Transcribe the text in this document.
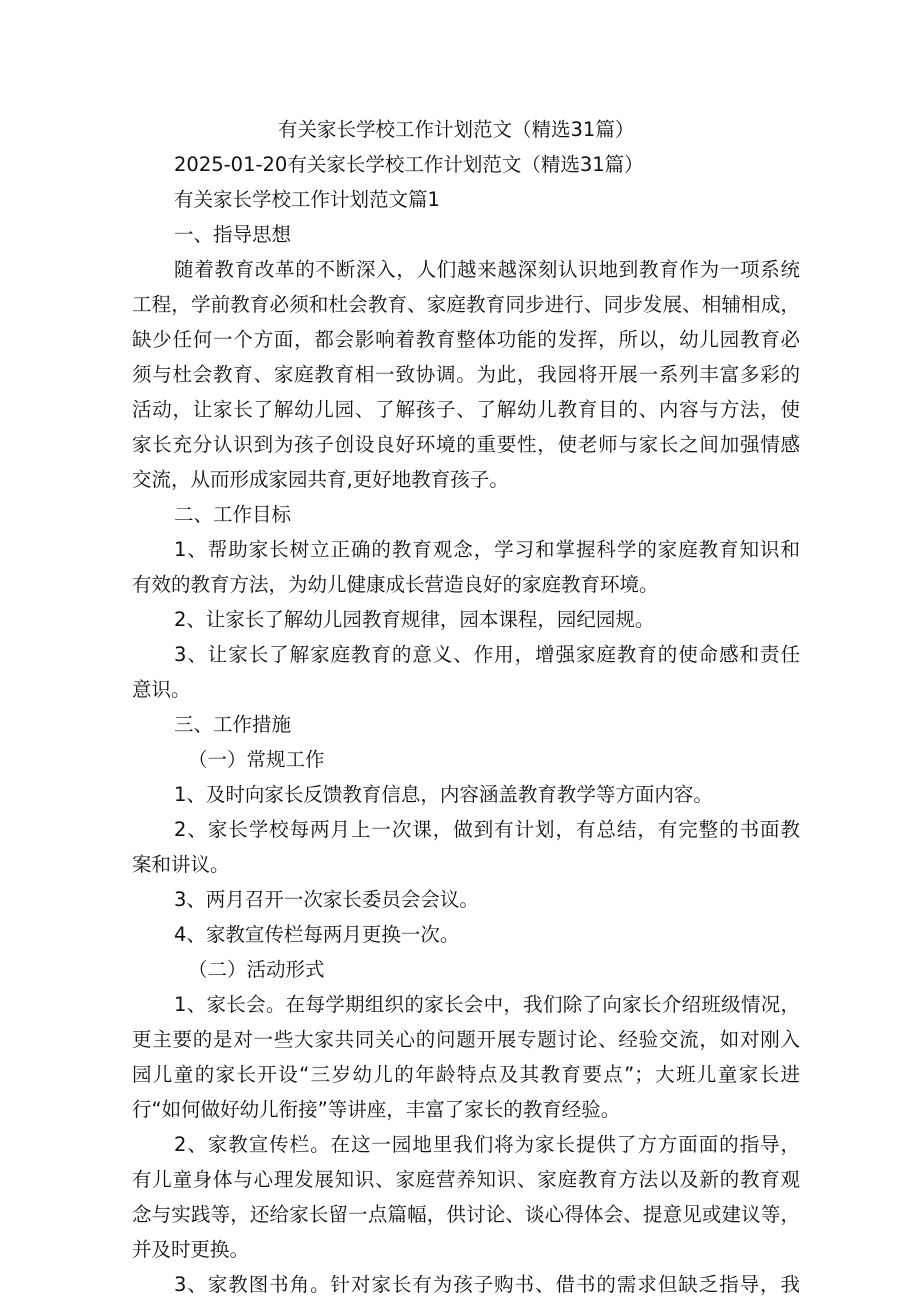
有关家长学校工作计划范文（精选31篇）
2025-01-20有关家长学校工作计划范文（精选31篇）
有关家长学校工作计划范文篇1
一、指导思想
随着教育改革的不断深入，人们越来越深刻认识地到教育作为一项系统
工程，学前教育必须和杜会教育、家庭教育同步进行、同步发展、相辅相成，
缺少任何一个方面，都会影响着教育整体功能的发挥，所以，幼儿园教育必
须与杜会教育、家庭教育相一致协调。为此，我园将开展一系列丰富多彩的
活动，让家长了解幼儿园、了解孩子、了解幼儿教育目的、内容与方法，使
家长充分认识到为孩子创设良好环境的重要性，使老师与家长之间加强情感
交流，从而形成家园共育,更好地教育孩子。
二、工作目标
1、帮助家长树立正确的教育观念，学习和掌握科学的家庭教育知识和
有效的教育方法，为幼儿健康成长营造良好的家庭教育环境。
2、让家长了解幼儿园教育规律，园本课程，园纪园规。
3、让家长了解家庭教育的意义、作用，增强家庭教育的使命感和责任
意识。
三、工作措施
（一）常规工作
1、及时向家长反馈教育信息，内容涵盖教育教学等方面内容。
2、家长学校每两月上一次课，做到有计划，有总结，有完整的书面教
案和讲议。
3、两月召开一次家长委员会会议。
4、家教宣传栏每两月更换一次。
（二）活动形式
1、家长会。在每学期组织的家长会中，我们除了向家长介绍班级情况，
更主要的是对一些大家共同关心的问题开展专题讨论、经验交流，如对刚入
园儿童的家长开设“三岁幼儿的年龄特点及其教育要点”；大班儿童家长进
行“如何做好幼儿衔接”等讲座，丰富了家长的教育经验。
2、家教宣传栏。在这一园地里我们将为家长提供了方方面面的指导，
有儿童身体与心理发展知识、家庭营养知识、家庭教育方法以及新的教育观
念与实践等，还给家长留一点篇幅，供讨论、谈心得体会、提意见或建议等，
并及时更换。
3、家教图书角。针对家长有为孩子购书、借书的需求但缺乏指导，我
